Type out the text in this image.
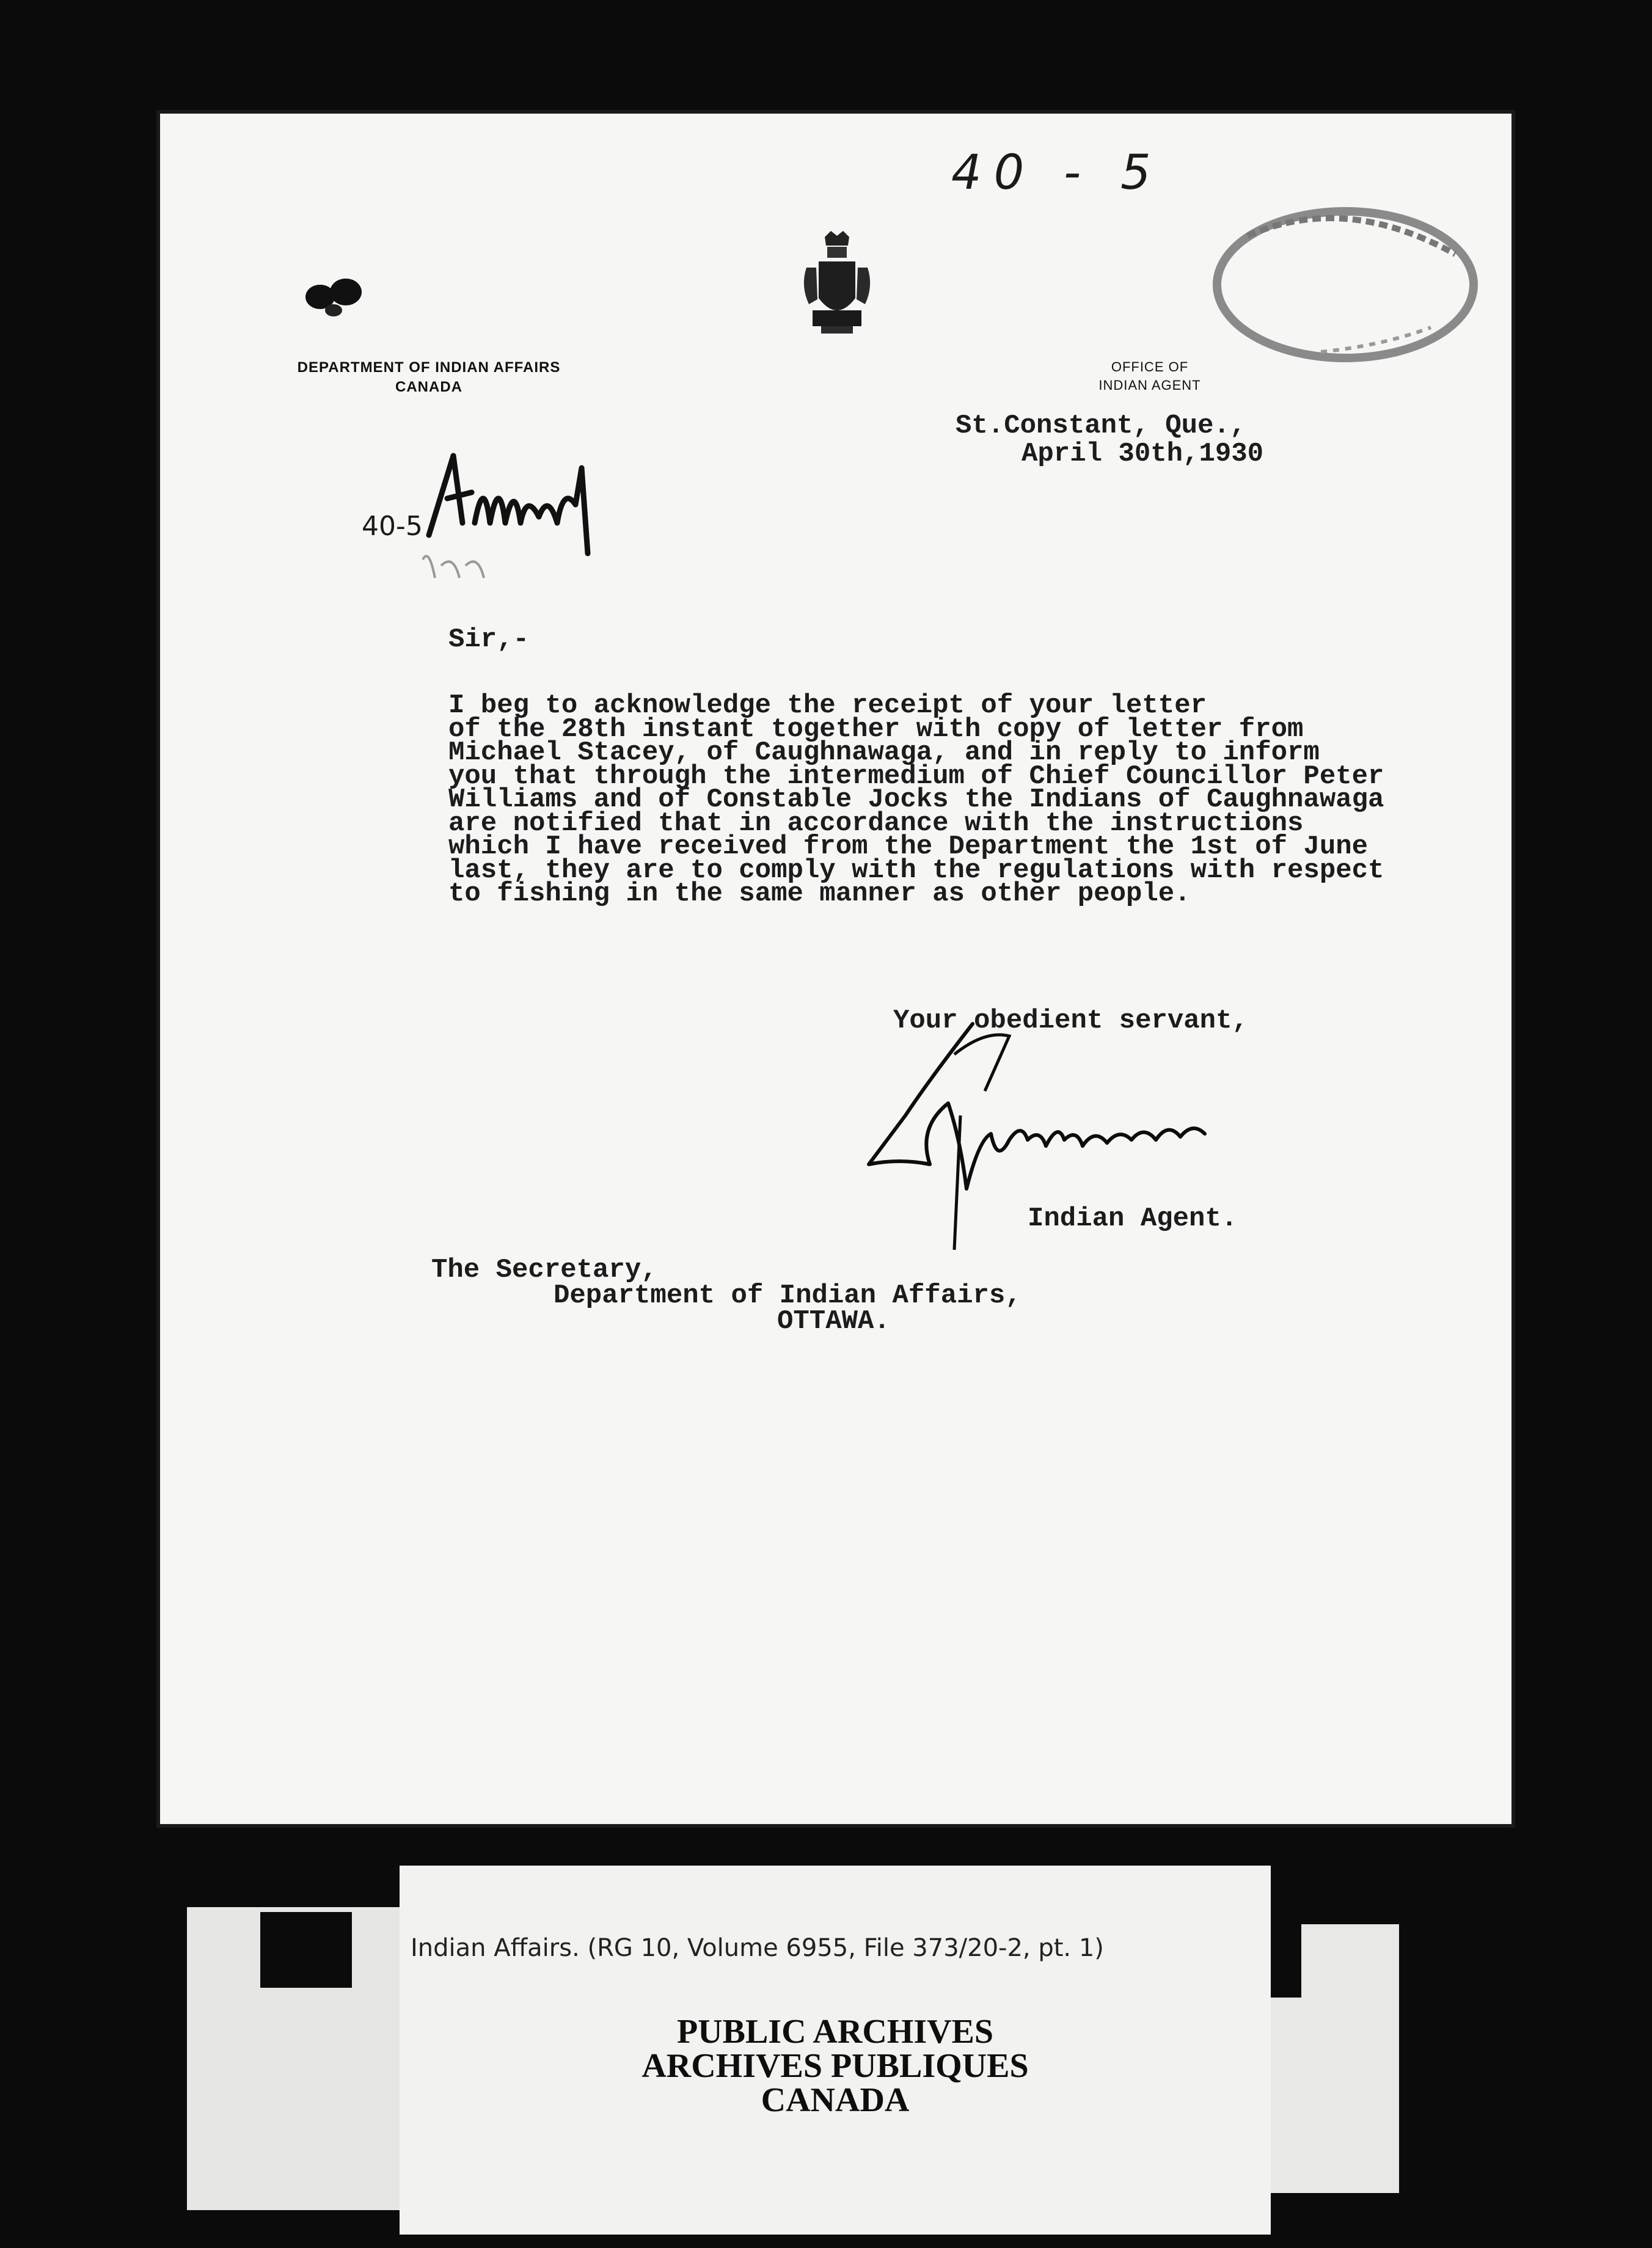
DEPARTMENT OF INDIAN AFFAIRS
CANADA
OFFICE OF
INDIAN AGENT
40 - 5
40-5
St.Constant, Que.,
April 30th,1930
Sir,-
I beg to acknowledge the receipt of your letter
of the 28th instant together with copy of letter from
Michael Stacey, of Caughnawaga, and in reply to inform
you that through the intermedium of Chief Councillor Peter
Williams and of Constable Jocks the Indians of Caughnawaga
are notified that in accordance with the instructions
which I have received from the Department the 1st of June
last, they are to comply with the regulations with respect
to fishing in the same manner as other people.
Your obedient servant,
Indian Agent.
The Secretary,
Department of Indian Affairs,
OTTAWA.
Indian Affairs. (RG 10, Volume 6955, File 373/20-2, pt. 1)
PUBLIC ARCHIVES
ARCHIVES PUBLIQUES
CANADA
